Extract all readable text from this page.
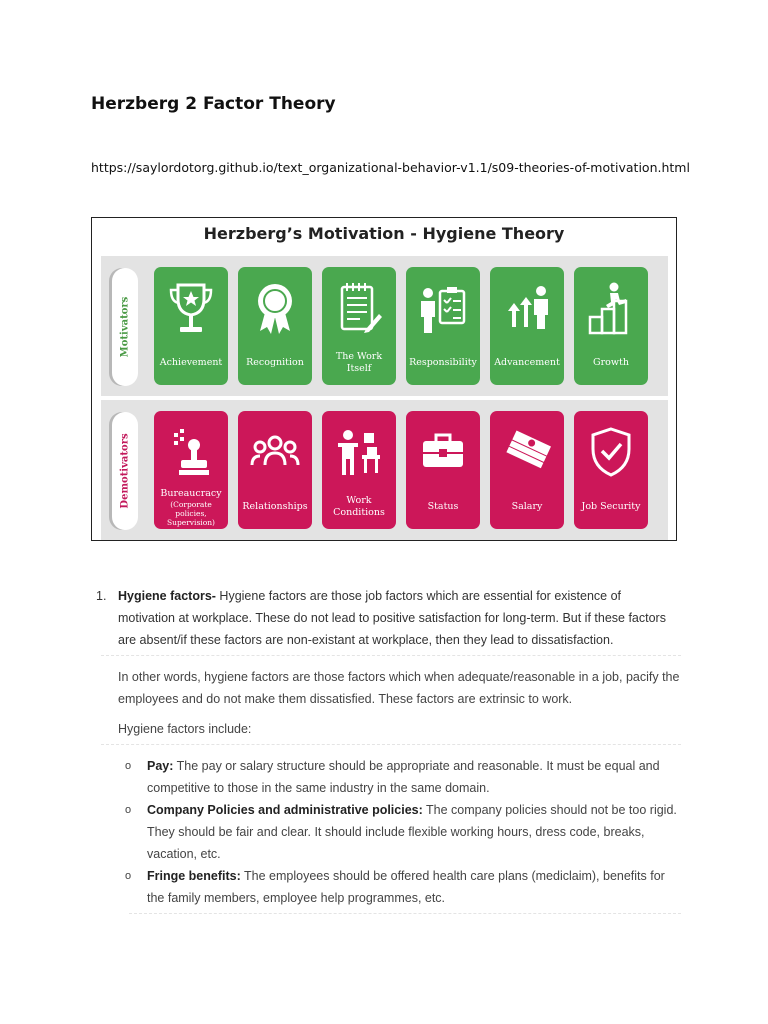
Herzberg 2 Factor Theory
https://saylordotorg.github.io/text_organizational-behavior-v1.1/s09-theories-of-motivation.html
Herzberg’s Motivation - Hygiene Theory
Motivators
Achievement	Recognition
The Work Itself
Responsibility Advancement	Growth
Demotivators	Bureaucracy
(Corporate policies, Supervision)
Relationships
Work Conditions
Status	Salary	Job Security
1. Hygiene factors- Hygiene factors are those job factors which are essential for existence of motivation at workplace. These do not lead to positive satisfaction for long-term. But if these factors are absent/if these factors are non-existant at workplace, then they lead to dissatisfaction.
In other words, hygiene factors are those factors which when adequate/reasonable in a job, pacify the employees and do not make them dissatisfied. These factors are extrinsic to work.
Hygiene factors include:
o Pay: The pay or salary structure should be appropriate and reasonable. It must be equal and competitive to those in the same industry in the same domain.
o Company Policies and administrative policies: The company policies should not be too rigid. They should be fair and clear. It should include flexible working hours, dress code, breaks, vacation, etc.
o Fringe benefits: The employees should be offered health care plans (mediclaim), benefits for the family members, employee help programmes, etc.
